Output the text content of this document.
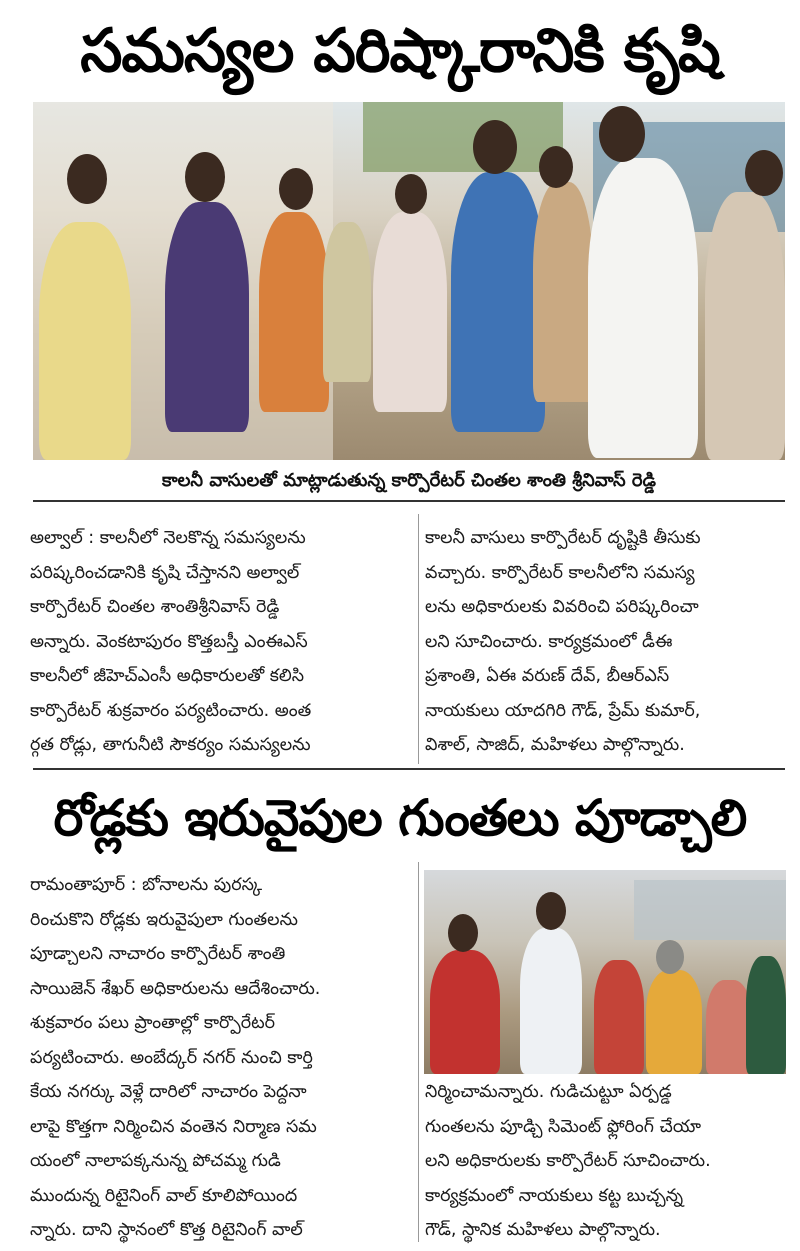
సమస్యల పరిష్కారానికి కృషి
కాలనీ వాసులతో మాట్లాడుతున్న కార్పొరేటర్ చింతల శాంతి శ్రీనివాస్ రెడ్డి

అల్వాల్ : కాలనీలో నెలకొన్న సమస్యలను

పరిష్కరించడానికి కృషి చేస్తానని అల్వాల్

కార్పొరేటర్ చింతల శాంతిశ్రీనివాస్ రెడ్డి

అన్నారు. వెంకటాపురం కొత్తబస్తీ ఎంఈఎస్

కాలనీలో జీహెచ్ఎంసీ అధికారులతో కలిసి

కార్పొరేటర్ శుక్రవారం పర్యటించారు. అంత

ర్గత రోడ్లు, తాగునీటి సౌకర్యం సమస్యలను

కాలనీ వాసులు కార్పొరేటర్ దృష్టికి తీసుకు

వచ్చారు. కార్పొరేటర్ కాలనీలోని సమస్య

లను అధికారులకు వివరించి పరిష్కరించా

లని సూచించారు. కార్యక్రమంలో డీఈ

ప్రశాంతి, ఏఈ వరుణ్ దేవ్, బీఆర్ఎస్

నాయకులు యాదగిరి గౌడ్, ప్రేమ్ కుమార్,

విశాల్, సాజిద్, మహిళలు పాల్గొన్నారు.

రోడ్లకు ఇరువైపుల గుంతలు పూడ్చాలి

రామంతాపూర్ : బోనాలను పురస్క

రించుకొని రోడ్లకు ఇరువైపులా గుంతలను

పూడ్చాలని నాచారం కార్పొరేటర్ శాంతి

సాయిజెన్ శేఖర్ అధికారులను ఆదేశించారు.

శుక్రవారం పలు ప్రాంతాల్లో కార్పొరేటర్

పర్యటించారు. అంబేద్కర్ నగర్ నుంచి కార్తి

కేయ నగర్కు వెళ్లే దారిలో నాచారం పెద్దనా

లాపై కొత్తగా నిర్మించిన వంతెన నిర్మాణ సమ

యంలో నాలాపక్కనున్న పోచమ్మ గుడి

ముందున్న రిటైనింగ్ వాల్ కూలిపోయింద

న్నారు. దాని స్థానంలో కొత్త రిటైనింగ్ వాల్

నిర్మించామన్నారు. గుడిచుట్టూ ఏర్పడ్డ

గుంతలను పూడ్చి సిమెంట్ ఫ్లోరింగ్ చేయా

లని అధికారులకు కార్పొరేటర్ సూచించారు.

కార్యక్రమంలో నాయకులు కట్ట బుచ్చన్న

గౌడ్, స్థానిక మహిళలు పాల్గొన్నారు.
